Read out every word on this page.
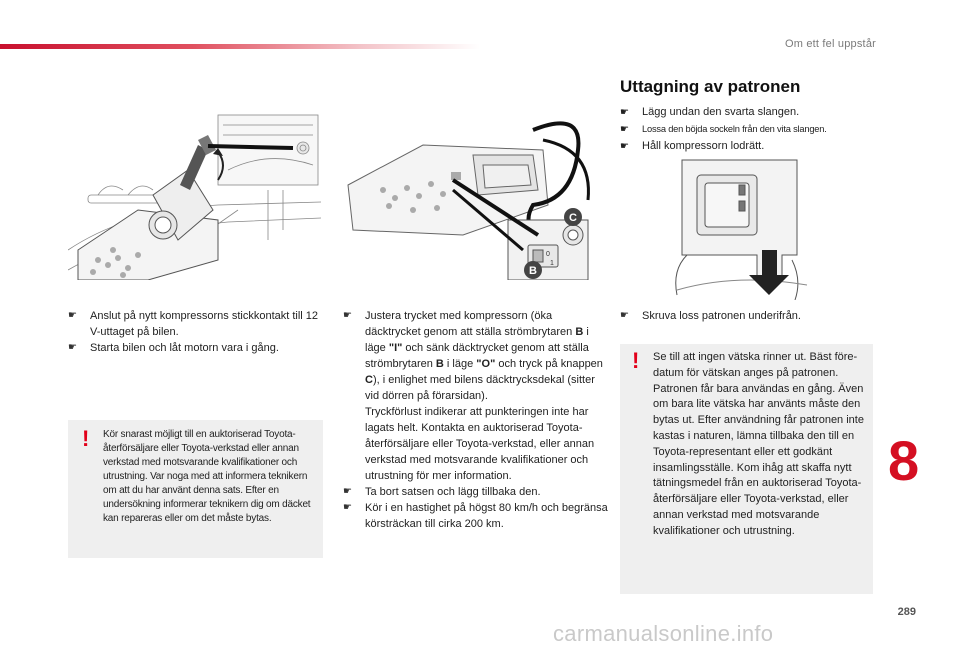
Om ett fel uppstår
0
1
C
B
Uttagning av patronen
☛ Lägg undan den svarta slangen.
☛ Lossa den böjda sockeln från den vita slangen.
☛ Håll kompressorn lodrätt.
☛ Anslut på nytt kompressorns stickkontakt till 12 V-uttaget på bilen.
☛ Starta bilen och låt motorn vara i gång.
! Kör snarast möjligt till en auktoriserad Toyota-återförsäljare eller Toyota-verkstad eller annan verkstad med motsvarande kvalifikationer och utrustning. Var noga med att informera teknikern om att du har använt denna sats. Efter en undersökning informerar teknikern dig om däcket kan repareras eller om det måste bytas.
☛ Justera trycket med kompressorn (öka däcktrycket genom att ställa strömbrytaren B i läge "I" och sänk däcktrycket genom att ställa strömbrytaren B i läge "O" och tryck på knappen C), i enlighet med bilens däcktrycksdekal (sitter vid dörren på förarsidan).
Tryckförlust indikerar att punkteringen inte har lagats helt. Kontakta en auktoriserad Toyota-återförsäljare eller Toyota-verkstad, eller annan verkstad med motsvarande kvalifikationer och utrustning för mer information.
☛ Ta bort satsen och lägg tillbaka den.
☛ Kör i en hastighet på högst 80 km/h och begränsa körsträckan till cirka 200 km.
☛ Skruva loss patronen underifrån.
! Se till att ingen vätska rinner ut. Bäst före-datum för vätskan anges på patronen. Patronen får bara användas en gång. Även om bara lite vätska har använts måste den bytas ut. Efter användning får patronen inte kastas i naturen, lämna tillbaka den till en Toyota-representant eller ett godkänt insamlingsställe. Kom ihåg att skaffa nytt tätningsmedel från en auktoriserad Toyota-återförsäljare eller Toyota-verkstad, eller annan verkstad med motsvarande kvalifikationer och utrustning.
8
289
carmanualsonline.info
